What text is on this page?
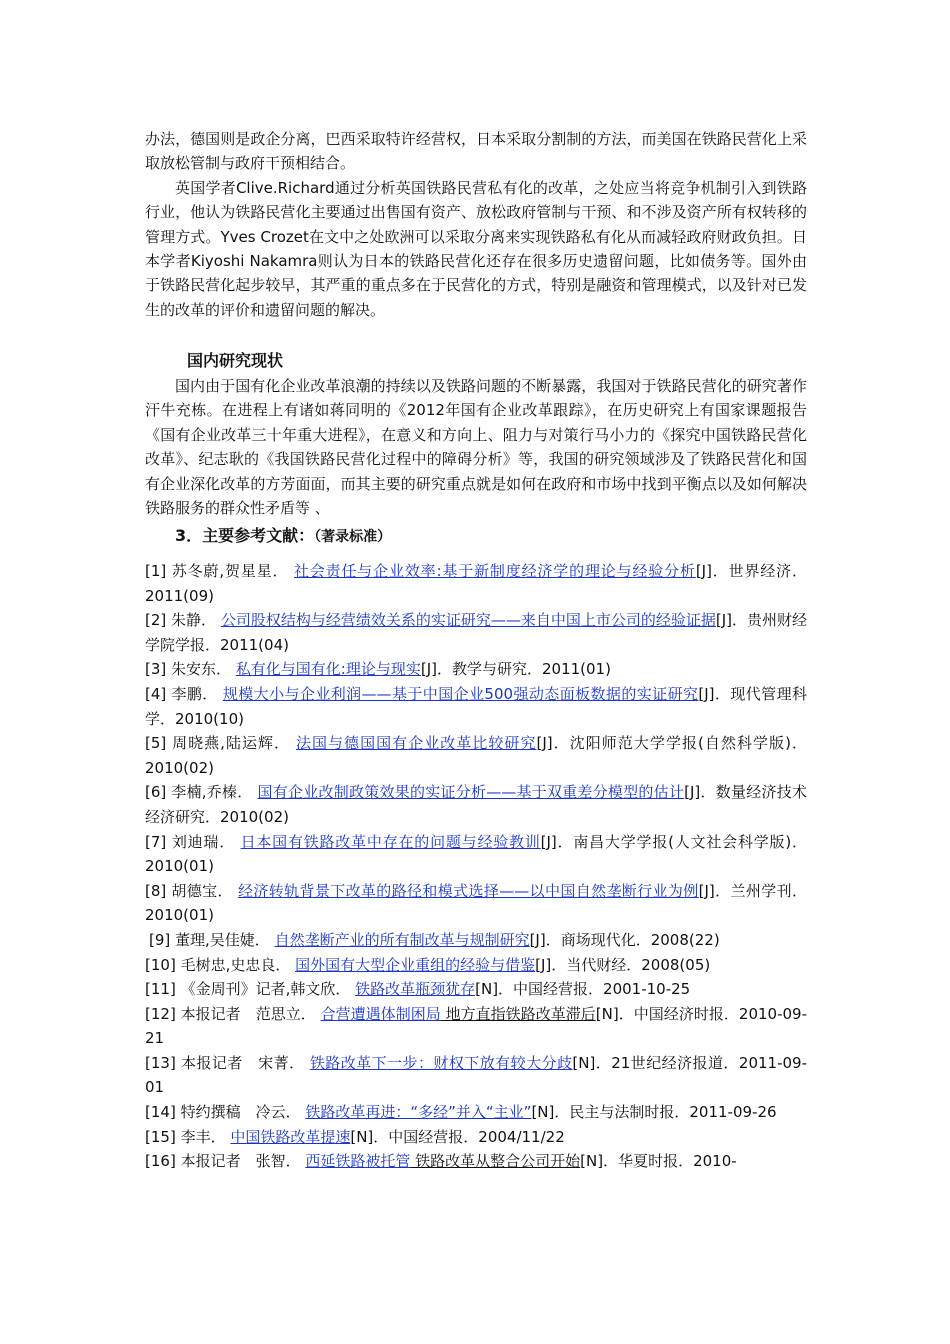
办法，德国则是政企分离，巴西采取特许经营权，日本采取分割制的方法，而美国在铁路民营化上采取放松管制与政府干预相结合。

英国学者Clive.Richard通过分析英国铁路民营私有化的改革，之处应当将竞争机制引入到铁路行业，他认为铁路民营化主要通过出售国有资产、放松政府管制与干预、和不涉及资产所有权转移的管理方式。Yves Crozet在文中之处欧洲可以采取分离来实现铁路私有化从而减轻政府财政负担。日本学者Kiyoshi Nakamra则认为日本的铁路民营化还存在很多历史遗留问题，比如债务等。国外由于铁路民营化起步较早，其严重的重点多在于民营化的方式，特别是融资和管理模式，以及针对已发生的改革的评价和遗留问题的解决。

国内研究现状

国内由于国有化企业改革浪潮的持续以及铁路问题的不断暴露，我国对于铁路民营化的研究著作汗牛充栋。在进程上有诸如蒋同明的《2012年国有企业改革跟踪》，在历史研究上有国家课题报告《国有企业改革三十年重大进程》，在意义和方向上、阻力与对策行马小力的《探究中国铁路民营化改革》、纪志耿的《我国铁路民营化过程中的障碍分析》等，我国的研究领域涉及了铁路民营化和国有企业深化改革的方芳面面，而其主要的研究重点就是如何在政府和市场中找到平衡点以及如何解决铁路服务的群众性矛盾等 、

3．主要参考文献：（著录标准）

[1] 苏冬蔚,贺星星． 社会责任与企业效率:基于新制度经济学的理论与经验分析[J]．世界经济．2011(09)

[2] 朱静． 公司股权结构与经营绩效关系的实证研究——来自中国上市公司的经验证据[J]．贵州财经学院学报．2011(04)

[3] 朱安东． 私有化与国有化:理论与现实[J]．教学与研究．2011(01)

[4] 李鹏． 规模大小与企业利润——基于中国企业500强动态面板数据的实证研究[J]．现代管理科学．2010(10)

[5] 周晓燕,陆运辉． 法国与德国国有企业改革比较研究[J]．沈阳师范大学学报(自然科学版)．2010(02)

[6] 李楠,乔榛． 国有企业改制政策效果的实证分析——基于双重差分模型的估计[J]．数量经济技术经济研究．2010(02)

[7] 刘迪瑞． 日本国有铁路改革中存在的问题与经验教训[J]．南昌大学学报(人文社会科学版)．2010(01)

[8] 胡德宝． 经济转轨背景下改革的路径和模式选择——以中国自然垄断行业为例[J]．兰州学刊．2010(01)

[9] 董理,吴佳婕． 自然垄断产业的所有制改革与规制研究[J]．商场现代化．2008(22)

[10] 毛树忠,史忠良． 国外国有大型企业重组的经验与借鉴[J]．当代财经．2008(05)

[11] 《金周刊》记者,韩文欣． 铁路改革瓶颈犹存[N]．中国经营报．2001-10-25

[12] 本报记者　范思立． 合营遭遇体制困局 地方直指铁路改革滞后[N]．中国经济时报．2010-09-21

[13] 本报记者　宋菁． 铁路改革下一步：财权下放有较大分歧[N]．21世纪经济报道．2011-09-01

[14] 特约撰稿　冷云． 铁路改革再进：“多经”并入“主业”[N]．民主与法制时报．2011-09-26

[15] 李丰． 中国铁路改革提速[N]．中国经营报．2004/11/22

[16] 本报记者　张智． 西延铁路被托管 铁路改革从整合公司开始[N]．华夏时报．2010-
